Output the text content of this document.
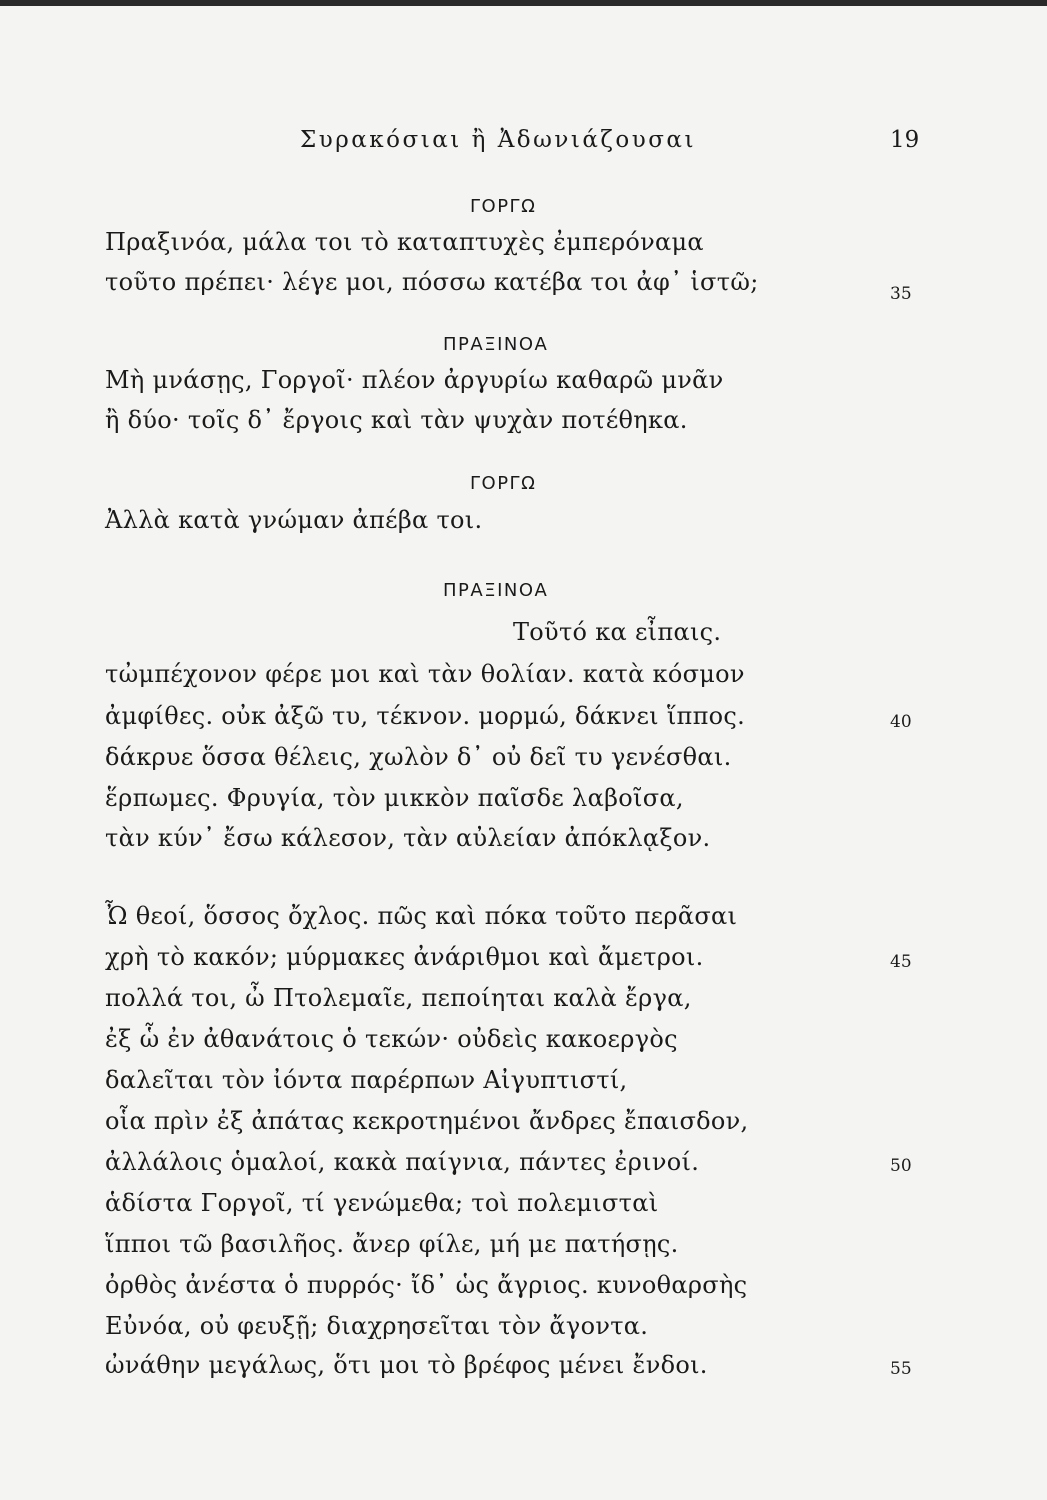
Συρακόσιαι ἢ Ἀδωνιάζουσαι	19
ΓΟΡΓΩ
ΠΡΑΞΙΝΟΑ
ΓΟΡΓΩ
ΠΡΑΞΙΝΟΑ
Πραξινόα, μάλα τοι τὸ καταπτυχὲς ἐμπερόναμα
τοῦτο πρέπει· λέγε μοι, πόσσω κατέβα τοι ἀφ᾽ ἱστῶ;
Μὴ μνάσῃς, Γοργοῖ· πλέον ἀργυρίω καθαρῶ μνᾶν
ἢ δύο· τοῖς δ᾽ ἔργοις καὶ τὰν ψυχὰν ποτέθηκα.
Ἀλλὰ κατὰ γνώμαν ἀπέβα τοι.
Τοῦτό κα εἶπαις.
τὠμπέχονον φέρε μοι καὶ τὰν θολίαν. κατὰ κόσμον
ἀμφίθες. οὐκ ἀξῶ τυ, τέκνον. μορμώ, δάκνει ἵππος.
δάκρυε ὅσσα θέλεις, χωλὸν δ᾽ οὐ δεῖ τυ γενέσθαι.
ἕρπωμες. Φρυγία, τὸν μικκὸν παῖσδε λαβοῖσα,
τὰν κύν᾽ ἔσω κάλεσον, τὰν αὐλείαν ἀπόκλᾳξον.
Ὦ θεοί, ὅσσος ὄχλος. πῶς καὶ πόκα τοῦτο περᾶσαι
χρὴ τὸ κακόν; μύρμακες ἀνάριθμοι καὶ ἄμετροι.
πολλά τοι, ὦ Πτολεμαῖε, πεποίηται καλὰ ἔργα,
ἐξ ὧ ἐν ἀθανάτοις ὁ τεκών· οὐδεὶς κακοεργὸς
δαλεῖται τὸν ἰόντα παρέρπων Αἰγυπτιστί,
οἷα πρὶν ἐξ ἀπάτας κεκροτημένοι ἄνδρες ἔπαισδον,
ἀλλάλοις ὁμαλοί, κακὰ παίγνια, πάντες ἐρινοί.
ἁδίστα Γοργοῖ, τί γενώμεθα; τοὶ πολεμισταὶ
ἵπποι τῶ βασιλῆος. ἄνερ φίλε, μή με πατήσῃς.
ὀρθὸς ἀνέστα ὁ πυρρός· ἴδ᾽ ὡς ἄγριος. κυνοθαρσὴς
Εὐνόα, οὐ φευξῇ; διαχρησεῖται τὸν ἄγοντα.
ὠνάθην μεγάλως, ὅτι μοι τὸ βρέφος μένει ἔνδοι.
35
40
45
50
55
